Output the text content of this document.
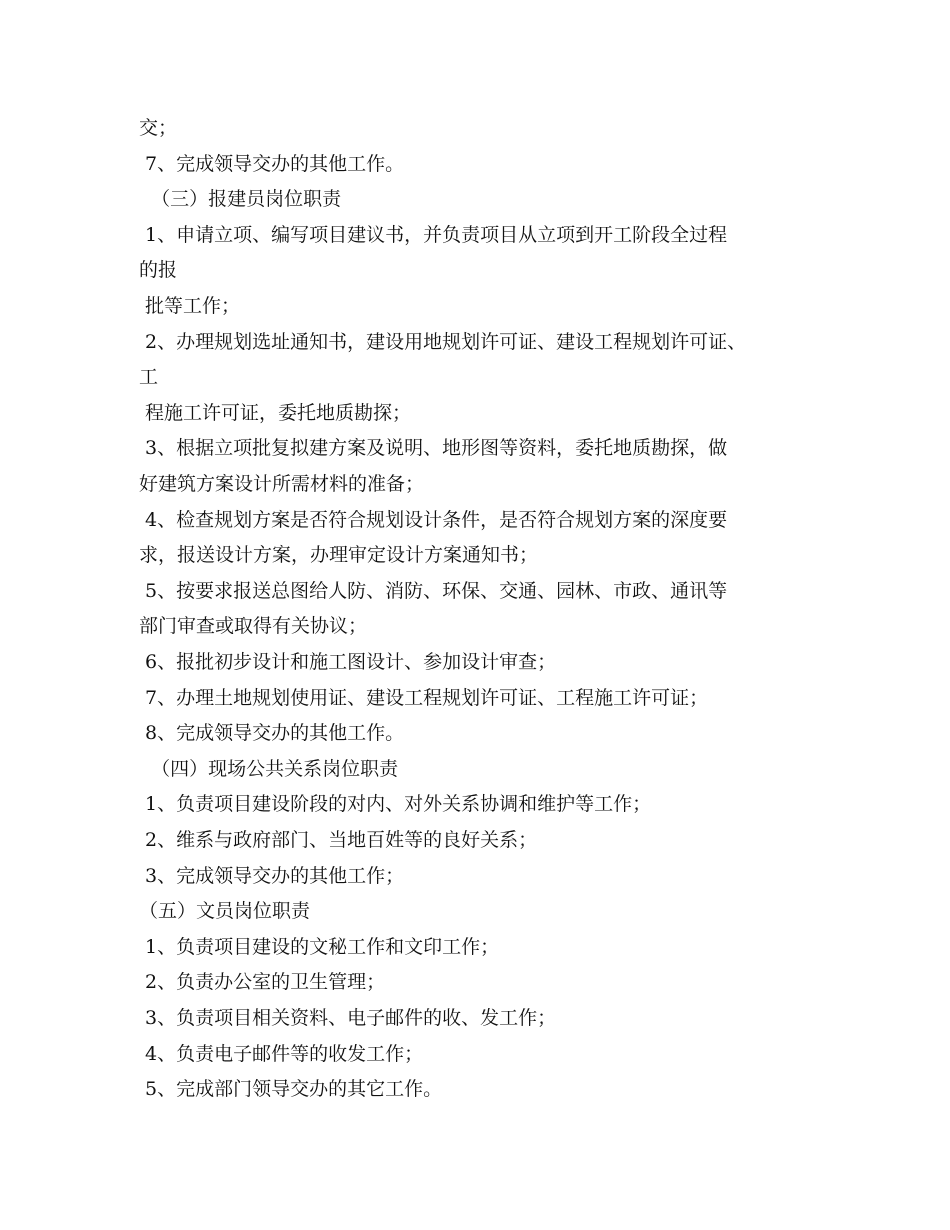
交；

7、完成领导交办的其他工作。

（三）报建员岗位职责

1、申请立项、编写项目建议书，并负责项目从立项到开工阶段全过程

的报

批等工作；

2、办理规划选址通知书，建设用地规划许可证、建设工程规划许可证、

工

程施工许可证，委托地质勘探；

3、根据立项批复拟建方案及说明、地形图等资料，委托地质勘探，做

好建筑方案设计所需材料的准备；

4、检查规划方案是否符合规划设计条件，是否符合规划方案的深度要

求，报送设计方案，办理审定设计方案通知书；

5、按要求报送总图给人防、消防、环保、交通、园林、市政、通讯等

部门审查或取得有关协议；

6、报批初步设计和施工图设计、参加设计审查；

7、办理土地规划使用证、建设工程规划许可证、工程施工许可证；

8、完成领导交办的其他工作。

（四）现场公共关系岗位职责

1、负责项目建设阶段的对内、对外关系协调和维护等工作；

2、维系与政府部门、当地百姓等的良好关系；

3、完成领导交办的其他工作；

（五）文员岗位职责

1、负责项目建设的文秘工作和文印工作；

2、负责办公室的卫生管理；

3、负责项目相关资料、电子邮件的收、发工作；

4、负责电子邮件等的收发工作；

5、完成部门领导交办的其它工作。
